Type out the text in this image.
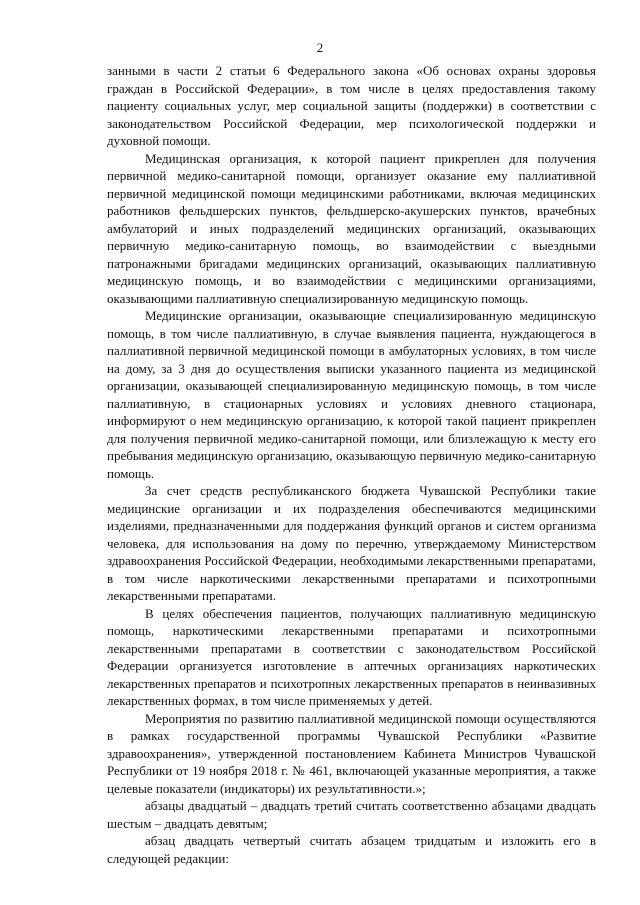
2

занными в части 2 статьи 6 Федерального закона «Об основах охраны здоровья граждан в Российской Федерации», в том числе в целях предоставления такому пациенту социальных услуг, мер социальной защиты (поддержки) в соответствии с законодательством Российской Федерации, мер психологической поддержки и духовной помощи.

Медицинская организация, к которой пациент прикреплен для получения первичной медико-санитарной помощи, организует оказание ему паллиативной первичной медицинской помощи медицинскими работниками, включая медицинских работников фельдшерских пунктов, фельдшерско-акушерских пунктов, врачебных амбулаторий и иных подразделений медицинских организаций, оказывающих первичную медико-санитарную помощь, во взаимодействии с выездными патронажными бригадами медицинских организаций, оказывающих паллиативную медицинскую помощь, и во взаимодействии с медицинскими организациями, оказывающими паллиативную специализированную медицинскую помощь.

Медицинские организации, оказывающие специализированную медицинскую помощь, в том числе паллиативную, в случае выявления пациента, нуждающегося в паллиативной первичной медицинской помощи в амбулаторных условиях, в том числе на дому, за 3 дня до осуществления выписки указанного пациента из медицинской организации, оказывающей специализированную медицинскую помощь, в том числе паллиативную, в стационарных условиях и условиях дневного стационара, информируют о нем медицинскую организацию, к которой такой пациент прикреплен для получения первичной медико-санитарной помощи, или близлежащую к месту его пребывания медицинскую организацию, оказывающую первичную медико-санитарную помощь.

За счет средств республиканского бюджета Чувашской Республики такие медицинские организации и их подразделения обеспечиваются медицинскими изделиями, предназначенными для поддержания функций органов и систем организма человека, для использования на дому по перечню, утверждаемому Министерством здравоохранения Российской Федерации, необходимыми лекарственными препаратами, в том числе наркотическими лекарственными препаратами и психотропными лекарственными препаратами.

В целях обеспечения пациентов, получающих паллиативную медицинскую помощь, наркотическими лекарственными препаратами и психотропными лекарственными препаратами в соответствии с законодательством Российской Федерации организуется изготовление в аптечных организациях наркотических лекарственных препаратов и психотропных лекарственных препаратов в неинвазивных лекарственных формах, в том числе применяемых у детей.

Мероприятия по развитию паллиативной медицинской помощи осуществляются в рамках государственной программы Чувашской Республики «Развитие здравоохранения», утвержденной постановлением Кабинета Министров Чувашской Республики от 19 ноября 2018 г. № 461, включающей указанные мероприятия, а также целевые показатели (индикаторы) их результативности.»;

абзацы двадцатый – двадцать третий считать соответственно абзацами двадцать шестым – двадцать девятым;

абзац двадцать четвертый считать абзацем тридцатым и изложить его в следующей редакции:
